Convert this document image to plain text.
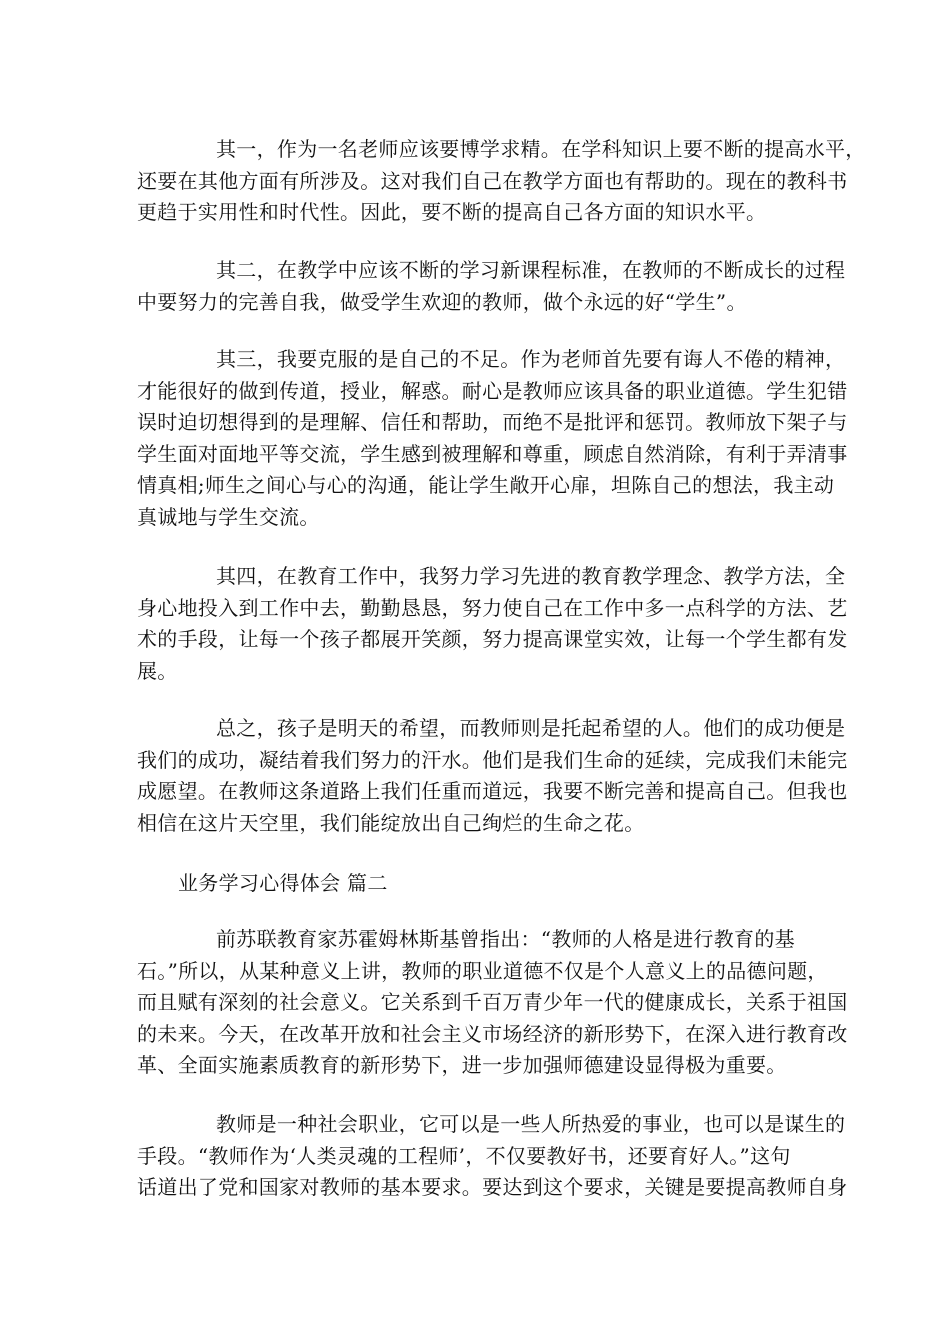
其一，作为一名老师应该要博学求精。在学科知识上要不断的提高水平，
还要在其他方面有所涉及。这对我们自己在教学方面也有帮助的。现在的教科书
更趋于实用性和时代性。因此，要不断的提高自己各方面的知识水平。
其二，在教学中应该不断的学习新课程标准，在教师的不断成长的过程
中要努力的完善自我，做受学生欢迎的教师，做个永远的好“学生”。
其三，我要克服的是自己的不足。作为老师首先要有诲人不倦的精神，
才能很好的做到传道，授业，解惑。耐心是教师应该具备的职业道德。学生犯错
误时迫切想得到的是理解、信任和帮助，而绝不是批评和惩罚。教师放下架子与
学生面对面地平等交流，学生感到被理解和尊重，顾虑自然消除，有利于弄清事
情真相;师生之间心与心的沟通，能让学生敞开心扉，坦陈自己的想法，我主动
真诚地与学生交流。
其四，在教育工作中，我努力学习先进的教育教学理念、教学方法，全
身心地投入到工作中去，勤勤恳恳，努力使自己在工作中多一点科学的方法、艺
术的手段，让每一个孩子都展开笑颜，努力提高课堂实效，让每一个学生都有发
展。
总之，孩子是明天的希望，而教师则是托起希望的人。他们的成功便是
我们的成功，凝结着我们努力的汗水。他们是我们生命的延续，完成我们未能完
成愿望。在教师这条道路上我们任重而道远，我要不断完善和提高自己。但我也
相信在这片天空里，我们能绽放出自己绚烂的生命之花。
业务学习心得体会 篇二
前苏联教育家苏霍姆林斯基曾指出：“教师的人格是进行教育的基
石。”所以，从某种意义上讲，教师的职业道德不仅是个人意义上的品德问题，
而且赋有深刻的社会意义。它关系到千百万青少年一代的健康成长，关系于祖国
的未来。今天，在改革开放和社会主义市场经济的新形势下，在深入进行教育改
革、全面实施素质教育的新形势下，进一步加强师德建设显得极为重要。
教师是一种社会职业，它可以是一些人所热爱的事业，也可以是谋生的
手段。“教师作为‘人类灵魂的工程师’，不仅要教好书，还要育好人。”这句
话道出了党和国家对教师的基本要求。要达到这个要求，关键是要提高教师自身
